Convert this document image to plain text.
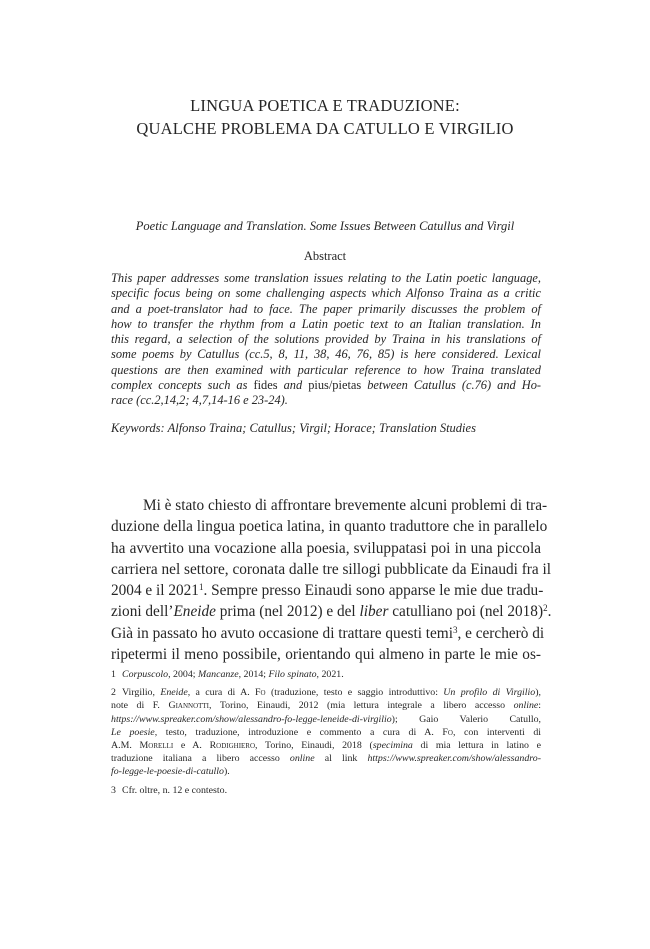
LINGUA POETICA E TRADUZIONE:
QUALCHE PROBLEMA DA CATULLO E VIRGILIO
Poetic Language and Translation. Some Issues Between Catullus and Virgil
Abstract
This paper addresses some translation issues relating to the Latin poetic language,
specific focus being on some challenging aspects which Alfonso Traina as a critic
and a poet-translator had to face. The paper primarily discusses the problem of
how to transfer the rhythm from a Latin poetic text to an Italian translation. In
this regard, a selection of the solutions provided by Traina in his translations of
some poems by Catullus (cc.5, 8, 11, 38, 46, 76, 85) is here considered. Lexical
questions are then examined with particular reference to how Traina translated
complex concepts such as fides and pius/pietas between Catullus (c.76) and Ho-
race (cc.2,14,2; 4,7,14-16 e 23-24).
Keywords: Alfonso Traina; Catullus; Virgil; Horace; Translation Studies
Mi è stato chiesto di affrontare brevemente alcuni problemi di tra-
duzione della lingua poetica latina, in quanto traduttore che in parallelo
ha avvertito una vocazione alla poesia, sviluppatasi poi in una piccola
carriera nel settore, coronata dalle tre sillogi pubblicate da Einaudi fra il
2004 e il 2021$^1$. Sempre presso Einaudi sono apparse le mie due tradu-
zioni dell’Eneide prima (nel 2012) e del liber catulliano poi (nel 2018)$^2$.
Già in passato ho avuto occasione di trattare questi temi$^3$, e cercherò di
ripetermi il meno possibile, orientando qui almeno in parte le mie os-
1 Corpuscolo, 2004; Mancanze, 2014; Filo spinato, 2021.
2 Virgilio, Eneide, a cura di A. Fo (traduzione, testo e saggio introduttivo: Un profilo di Virgilio),
note di F. Giannotti, Torino, Einaudi, 2012 (mia lettura integrale a libero accesso online:
https://www.spreaker.com/show/alessandro-fo-legge-leneide-di-virgilio); Gaio Valerio Catullo,
Le poesie, testo, traduzione, introduzione e commento a cura di A. Fo, con interventi di
A.M. Morelli e A. Rodighiero, Torino, Einaudi, 2018 (specimina di mia lettura in latino e
traduzione italiana a libero accesso online al link https://www.spreaker.com/show/alessandro-
fo-legge-le-poesie-di-catullo).
3 Cfr. oltre, n. 12 e contesto.
